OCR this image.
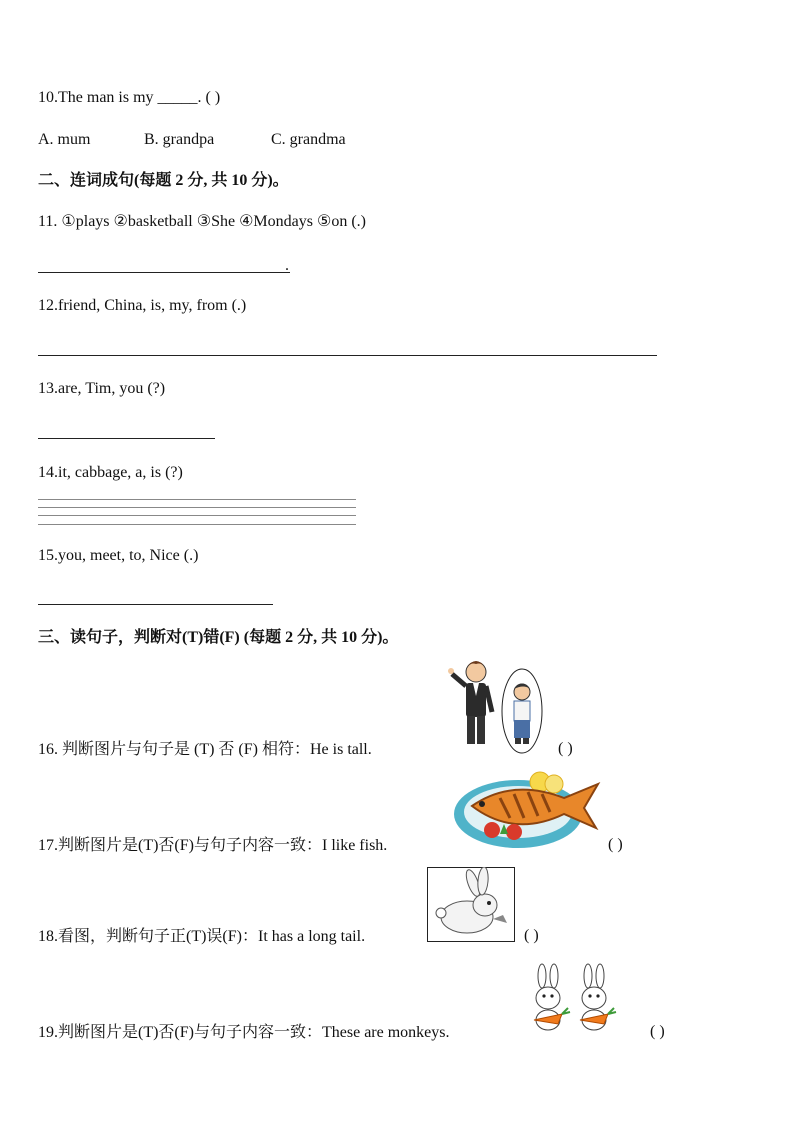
10.The man is my _____. ( )
A. mum	B. grandpa	C. grandma
二、连词成句(每题 2 分, 共 10 分)。
11. ①plays ②basketball ③She ④Mondays ⑤on (.)
.
12.friend, China, is, my, from (.)
13.are, Tim, you (?)
14.it, cabbage, a, is (?)
15.you, meet, to, Nice (.)
三、读句子，判断对(T)错(F) (每题 2 分, 共 10 分)。
16. 判断图片与句子是 (T) 否 (F) 相符：He is tall.	( )
17.判断图片是(T)否(F)与句子内容一致：I like fish.	( )
18.看图，判断句子正(T)误(F)：It has a long tail.	( )
19.判断图片是(T)否(F)与句子内容一致：These are monkeys.	( )
